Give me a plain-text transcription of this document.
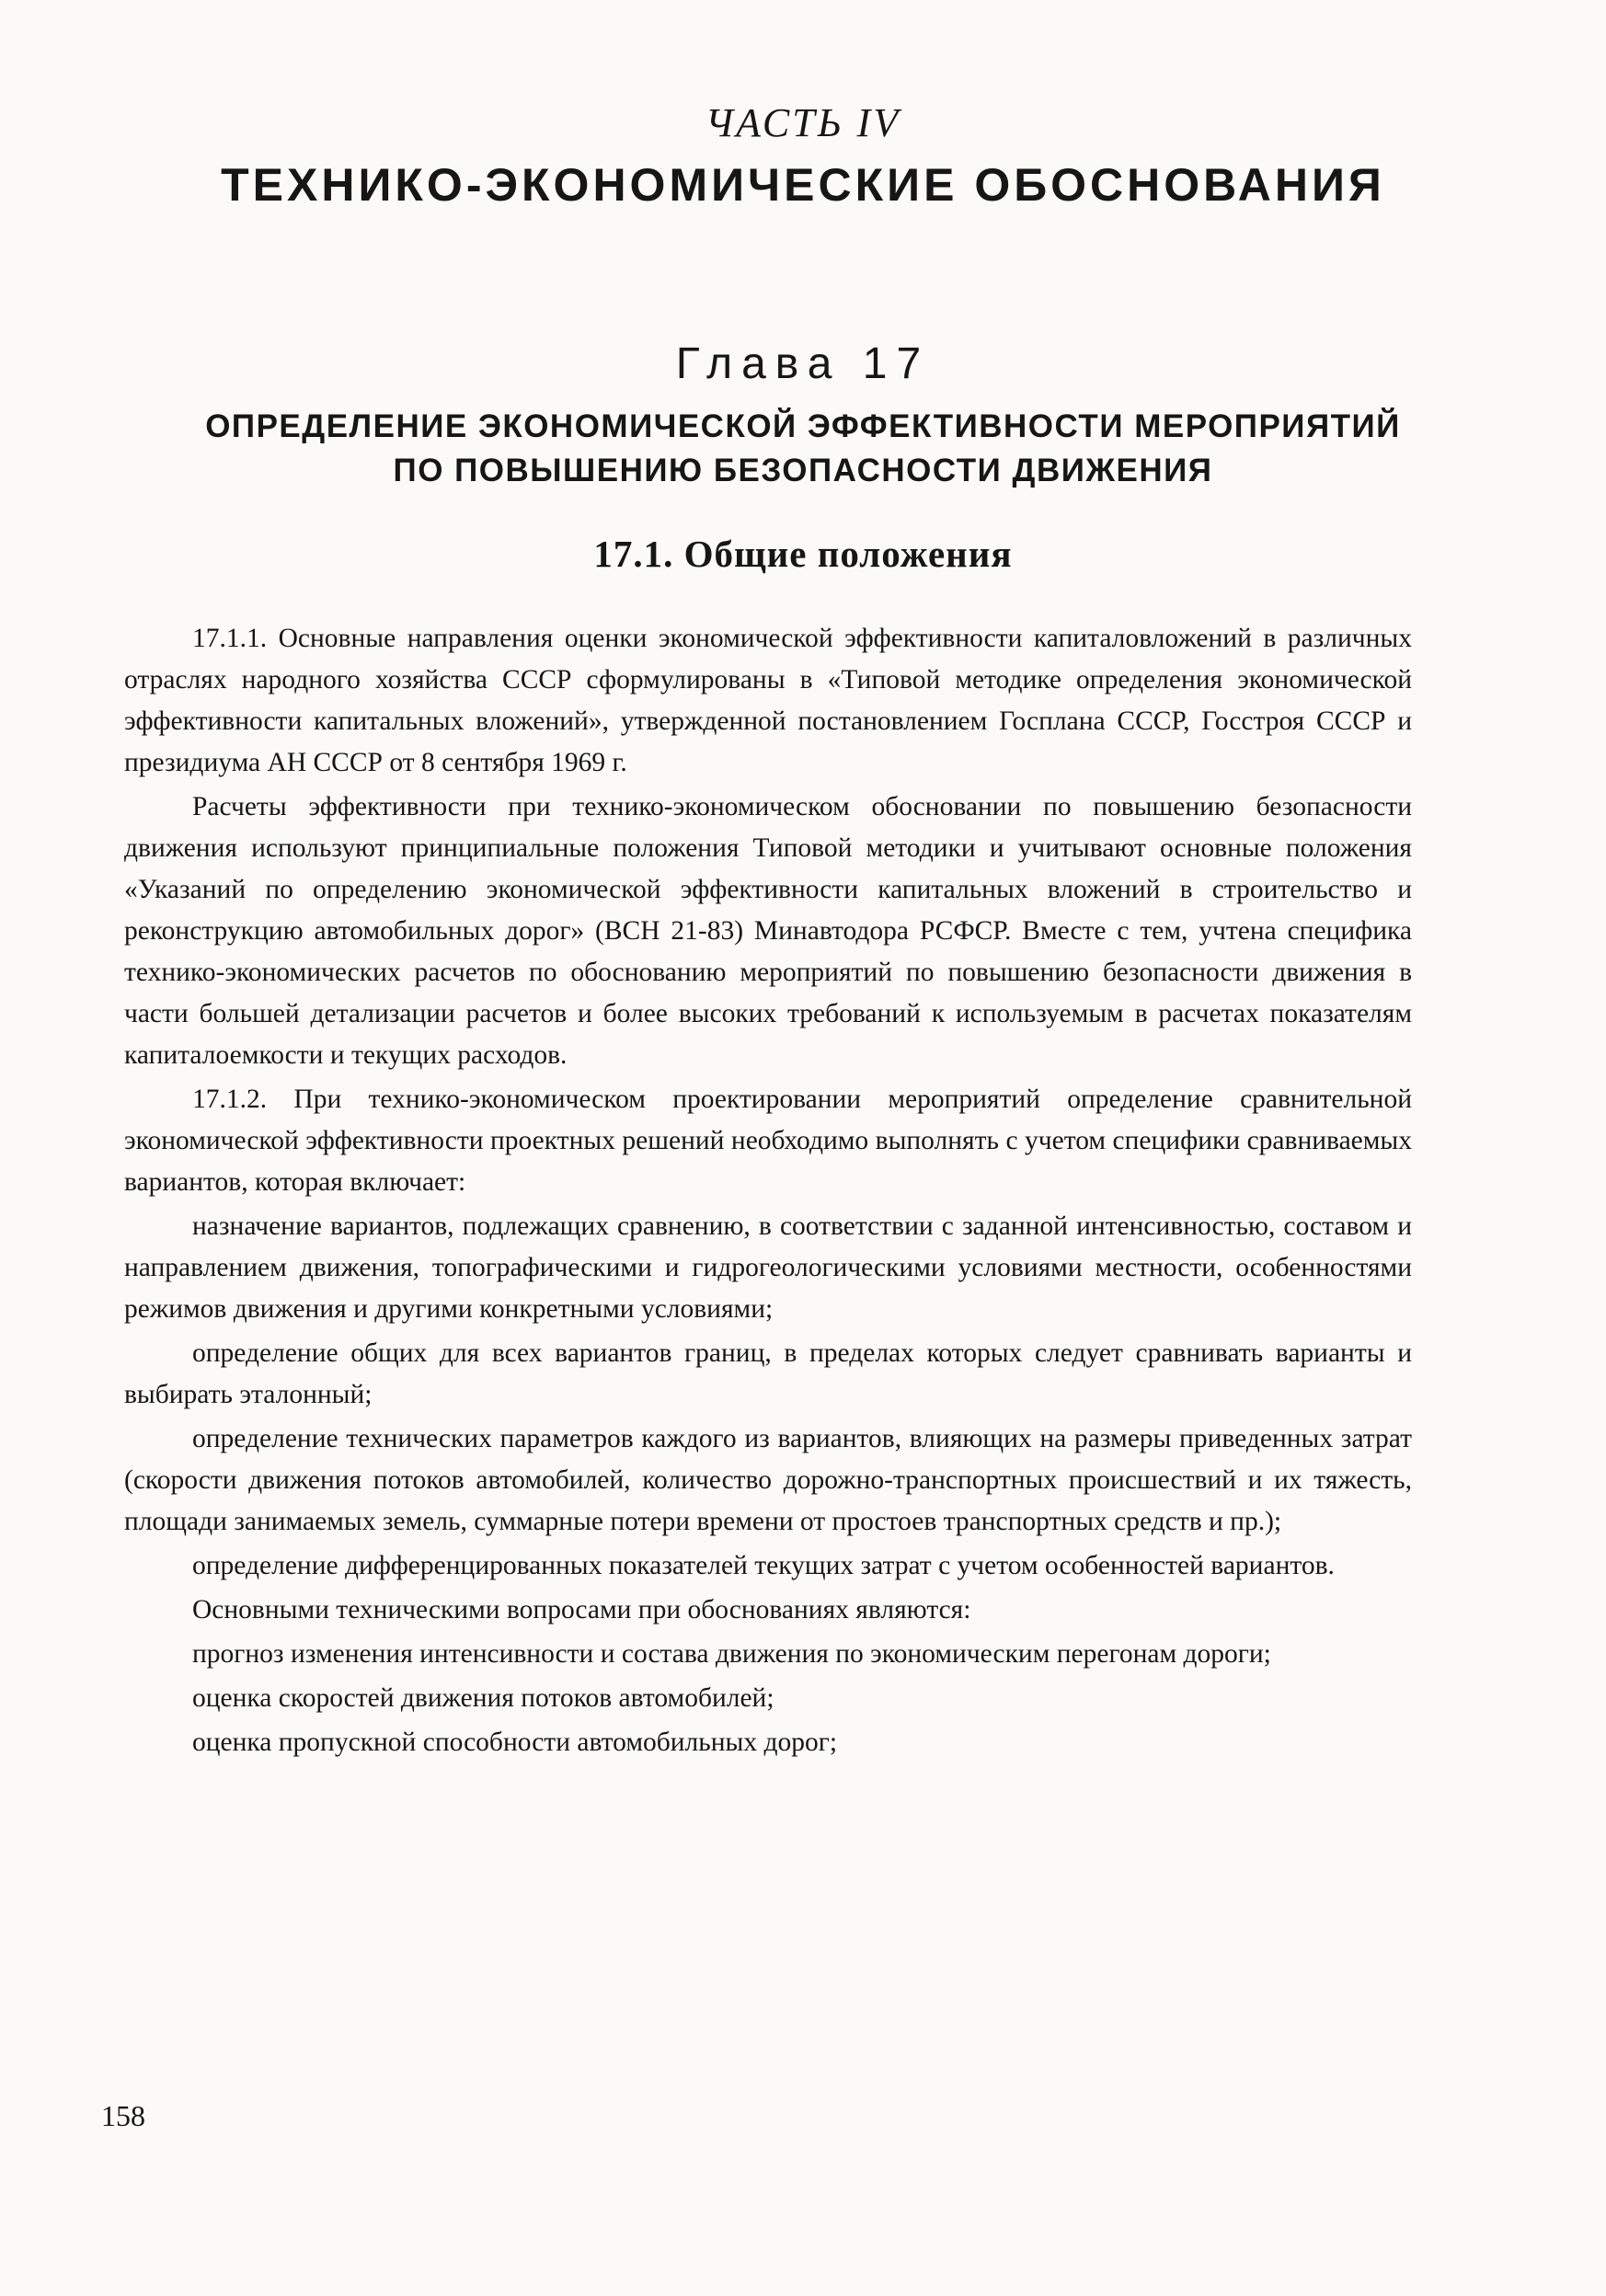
ЧАСТЬ IV
ТЕХНИКО-ЭКОНОМИЧЕСКИЕ ОБОСНОВАНИЯ
Глава 17
ОПРЕДЕЛЕНИЕ ЭКОНОМИЧЕСКОЙ ЭФФЕКТИВНОСТИ МЕРОПРИЯТИЙ
ПО ПОВЫШЕНИЮ БЕЗОПАСНОСТИ ДВИЖЕНИЯ
17.1. Общие положения

17.1.1. Основные направления оценки экономической эффективности капиталовложений в различных отраслях народного хозяйства СССР сформулированы в «Типовой методике определения экономической эффективности капитальных вложений», утвержденной постановлением Госплана СССР, Госстроя СССР и президиума АН СССР от 8 сентября 1969 г.

Расчеты эффективности при технико-экономическом обосновании по повышению безопасности движения используют принципиальные положения Типовой методики и учитывают основные положения «Указаний по определению экономической эффективности капитальных вложений в строительство и реконструкцию автомобильных дорог» (ВСН 21-83) Минавтодора РСФСР. Вместе с тем, учтена специфика технико-экономических расчетов по обоснованию мероприятий по повышению безопасности движения в части большей детализации расчетов и более высоких требований к используемым в расчетах показателям капиталоемкости и текущих расходов.

17.1.2. При технико-экономическом проектировании мероприятий определение сравнительной экономической эффективности проектных решений необходимо выполнять с учетом специфики сравниваемых вариантов, которая включает:

назначение вариантов, подлежащих сравнению, в соответствии с заданной интенсивностью, составом и направлением движения, топографическими и гидрогеологическими условиями местности, особенностями режимов движения и другими конкретными условиями;

определение общих для всех вариантов границ, в пределах которых следует сравнивать варианты и выбирать эталонный;

определение технических параметров каждого из вариантов, влияющих на размеры приведенных затрат (скорости движения потоков автомобилей, количество дорожно-транспортных происшествий и их тяжесть, площади занимаемых земель, суммарные потери времени от простоев транспортных средств и пр.);

определение дифференцированных показателей текущих затрат с учетом особенностей вариантов.

Основными техническими вопросами при обоснованиях являются:

прогноз изменения интенсивности и состава движения по экономическим перегонам дороги;

оценка скоростей движения потоков автомобилей;

оценка пропускной способности автомобильных дорог;

158
